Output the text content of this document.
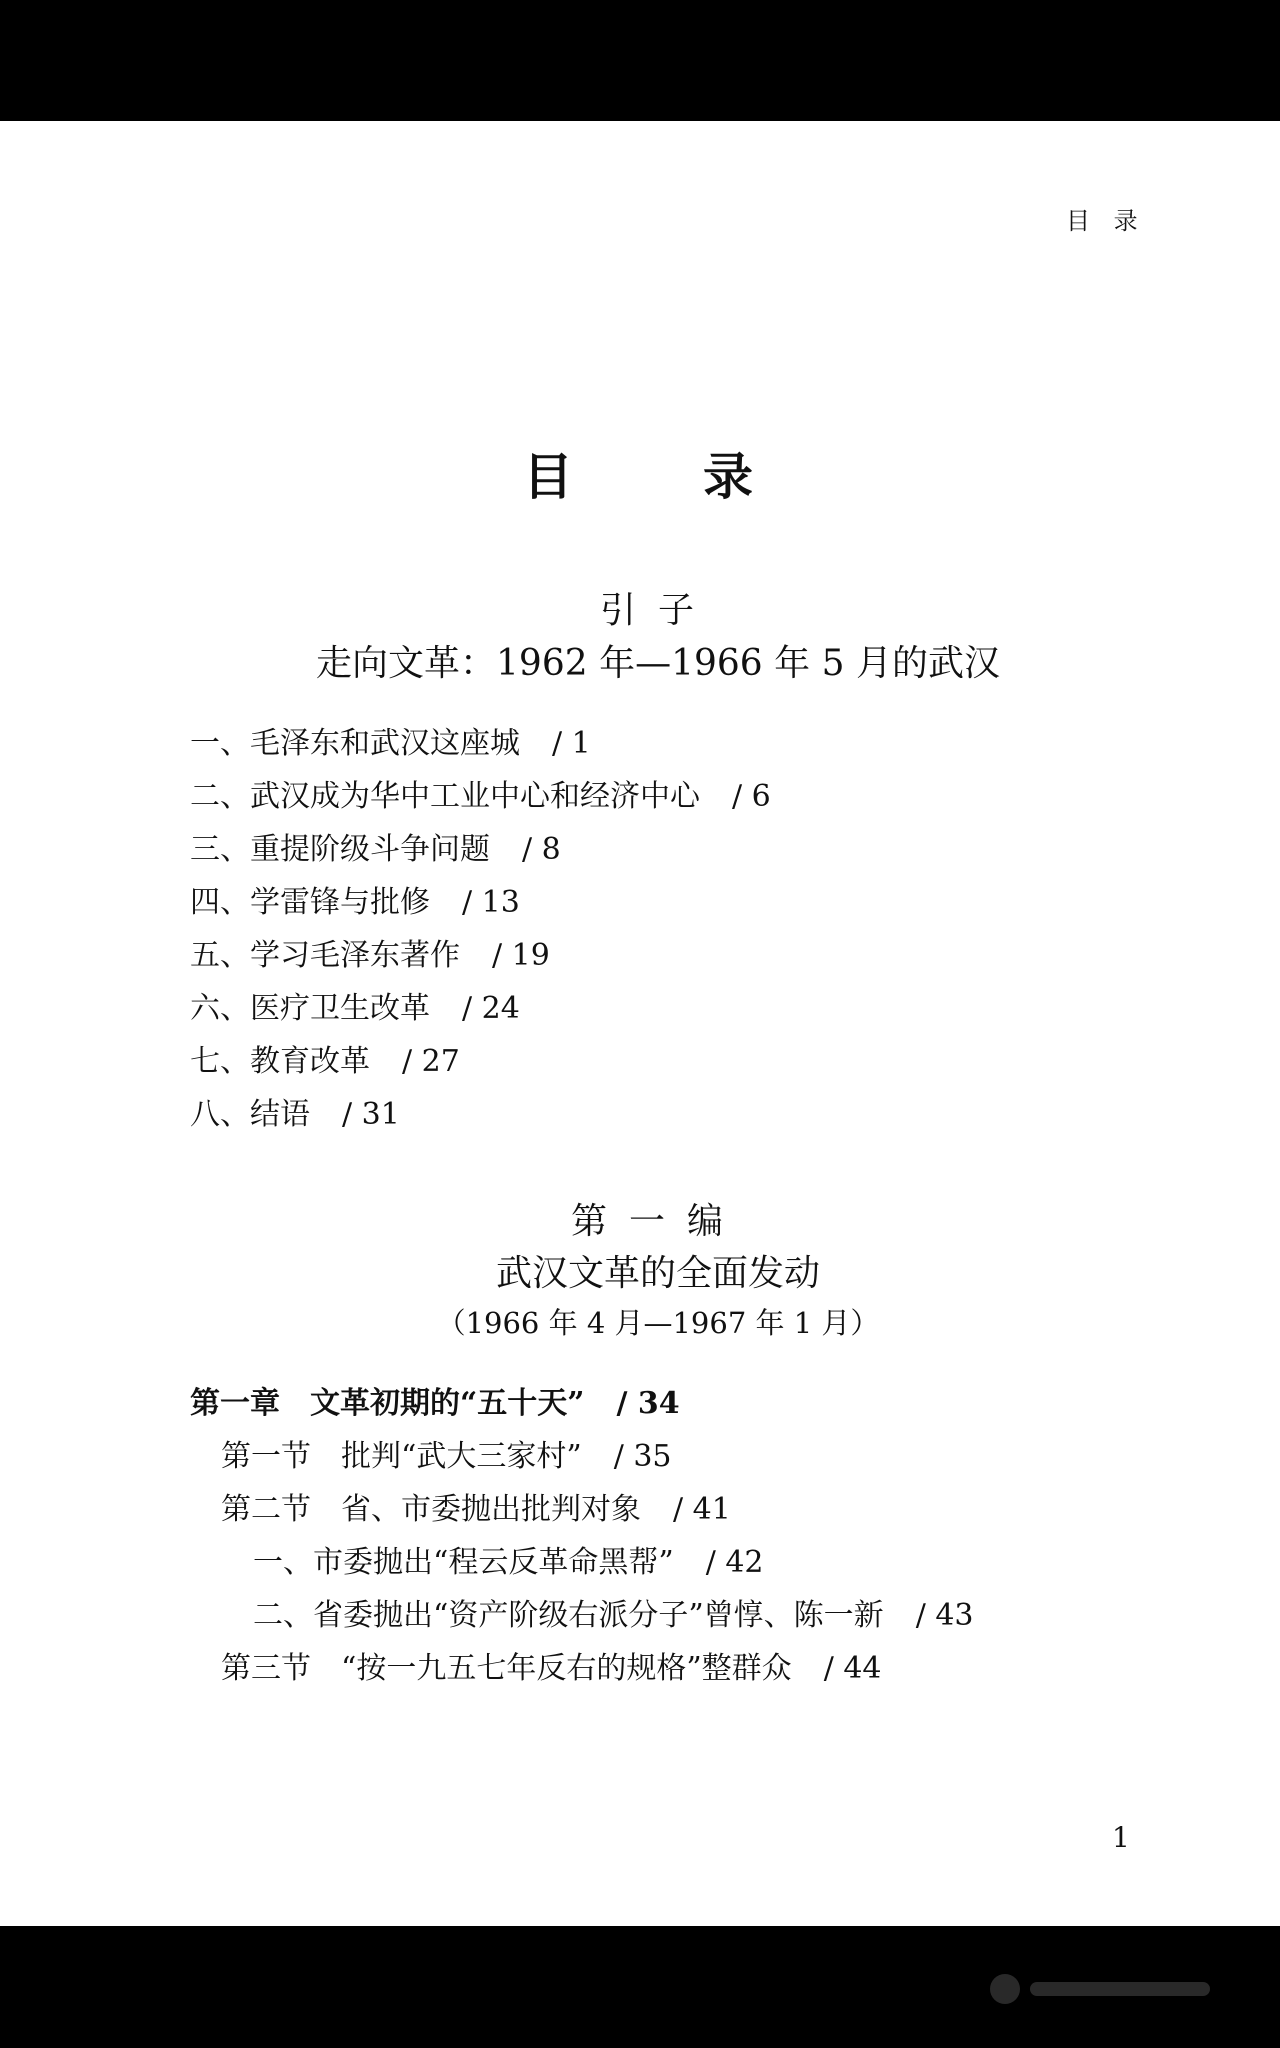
目 录
目　录
引子
走向文革：1962 年—1966 年 5 月的武汉
一、毛泽东和武汉这座城 / 1
二、武汉成为华中工业中心和经济中心 / 6
三、重提阶级斗争问题 / 8
四、学雷锋与批修 / 13
五、学习毛泽东著作 / 19
六、医疗卫生改革 / 24
七、教育改革 / 27
八、结语 / 31
第一编
武汉文革的全面发动
（1966 年 4 月—1967 年 1 月）
第一章　文革初期的“五十天” / 34
第一节　批判“武大三家村” / 35
第二节　省、市委抛出批判对象 / 41
一、市委抛出“程云反革命黑帮” / 42
二、省委抛出“资产阶级右派分子”曾惇、陈一新 / 43
第三节　“按一九五七年反右的规格”整群众 / 44
1
